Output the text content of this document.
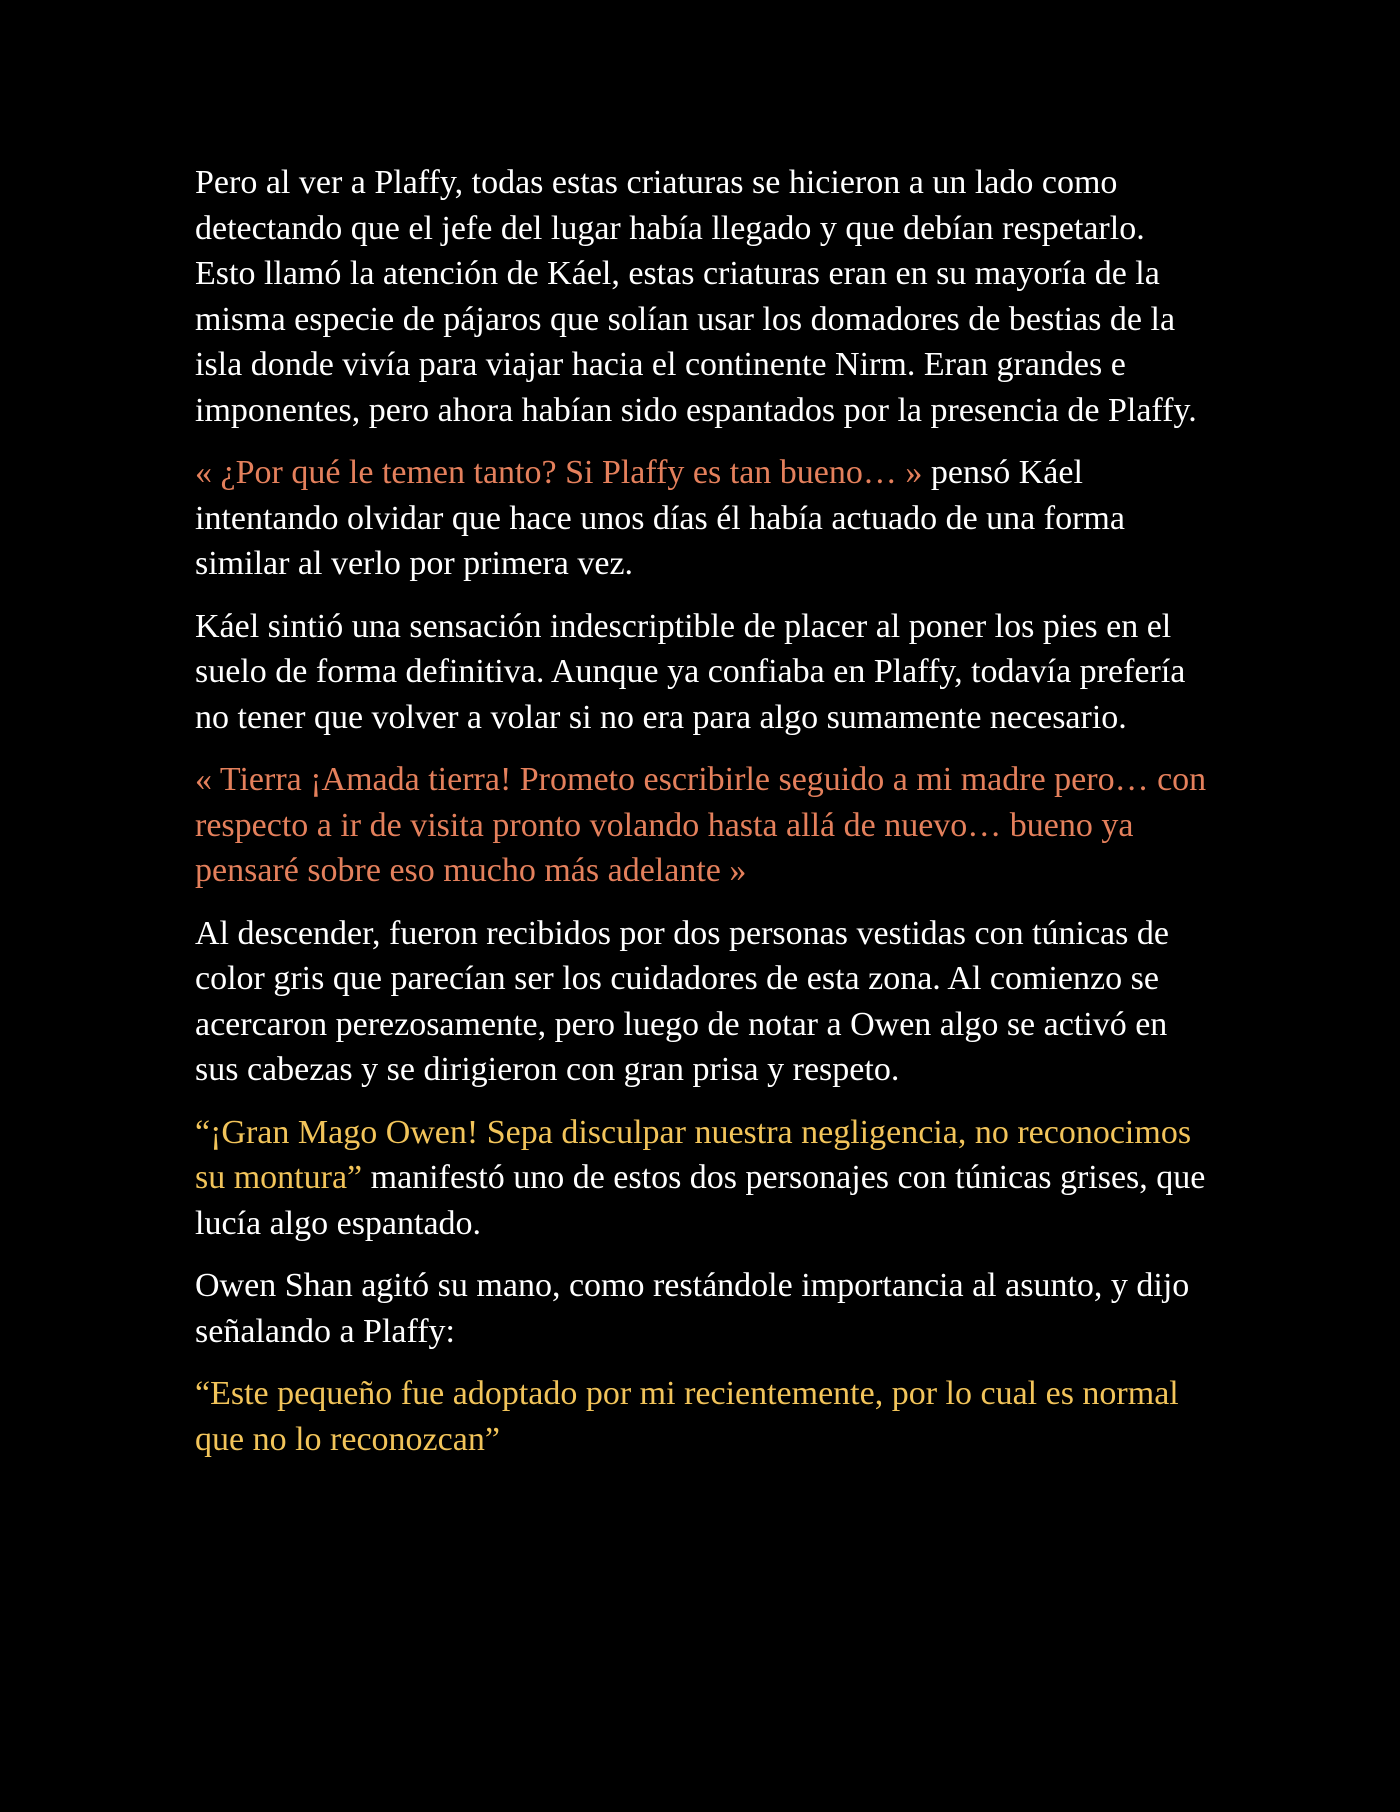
Pero al ver a Plaffy, todas estas criaturas se hicieron a un lado como detectando que el jefe del lugar había llegado y que debían respetarlo. Esto llamó la atención de Káel, estas criaturas eran en su mayoría de la misma especie de pájaros que solían usar los domadores de bestias de la isla donde vivía para viajar hacia el continente Nirm. Eran grandes e imponentes, pero ahora habían sido espantados por la presencia de Plaffy.

« ¿Por qué le temen tanto? Si Plaffy es tan bueno… » pensó Káel intentando olvidar que hace unos días él había actuado de una forma similar al verlo por primera vez.

Káel sintió una sensación indescriptible de placer al poner los pies en el suelo de forma definitiva. Aunque ya confiaba en Plaffy, todavía prefería no tener que volver a volar si no era para algo sumamente necesario.

« Tierra ¡Amada tierra! Prometo escribirle seguido a mi madre pero… con respecto a ir de visita pronto volando hasta allá de nuevo… bueno ya pensaré sobre eso mucho más adelante »

Al descender, fueron recibidos por dos personas vestidas con túnicas de color gris que parecían ser los cuidadores de esta zona. Al comienzo se acercaron perezosamente, pero luego de notar a Owen algo se activó en sus cabezas y se dirigieron con gran prisa y respeto.

“¡Gran Mago Owen! Sepa disculpar nuestra negligencia, no reconocimos su montura” manifestó uno de estos dos personajes con túnicas grises, que lucía algo espantado.

Owen Shan agitó su mano, como restándole importancia al asunto, y dijo señalando a Plaffy:

“Este pequeño fue adoptado por mi recientemente, por lo cual es normal que no lo reconozcan”
